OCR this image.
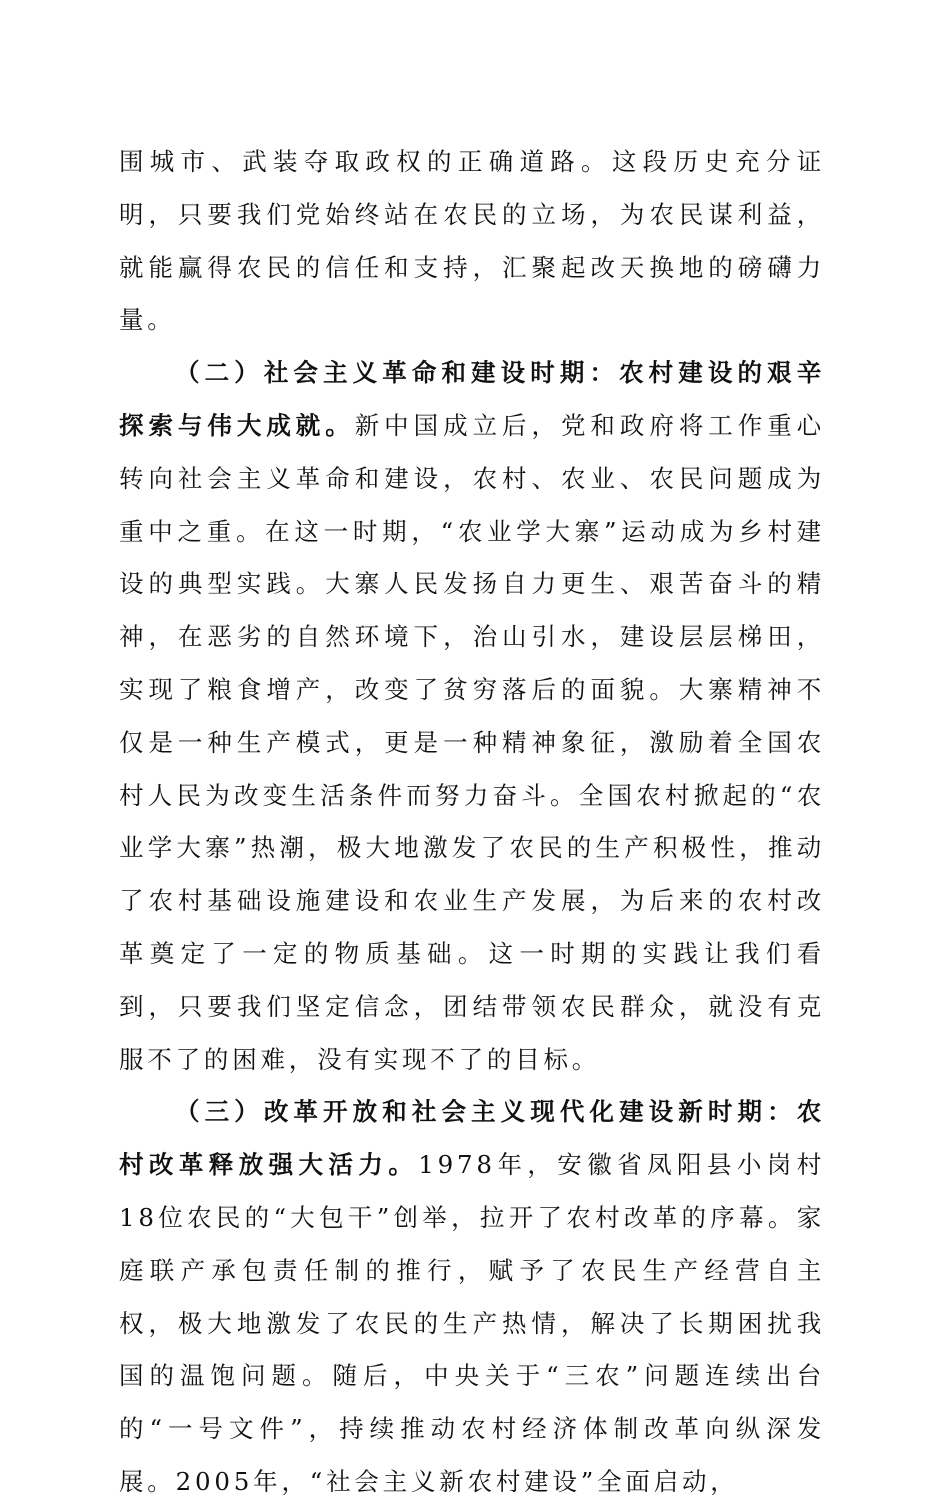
围城市、武装夺取政权的正确道路。这段历史充分证明，只要我们党始终站在农民的立场，为农民谋利益，就能赢得农民的信任和支持，汇聚起改天换地的磅礴力量。

（二）社会主义革命和建设时期：农村建设的艰辛探索与伟大成就。新中国成立后，党和政府将工作重心转向社会主义革命和建设，农村、农业、农民问题成为重中之重。在这一时期，“农业学大寨”运动成为乡村建设的典型实践。大寨人民发扬自力更生、艰苦奋斗的精神，在恶劣的自然环境下，治山引水，建设层层梯田，实现了粮食增产，改变了贫穷落后的面貌。大寨精神不仅是一种生产模式，更是一种精神象征，激励着全国农村人民为改变生活条件而努力奋斗。全国农村掀起的“农业学大寨”热潮，极大地激发了农民的生产积极性，推动了农村基础设施建设和农业生产发展，为后来的农村改革奠定了一定的物质基础。这一时期的实践让我们看到，只要我们坚定信念，团结带领农民群众，就没有克服不了的困难，没有实现不了的目标。

（三）改革开放和社会主义现代化建设新时期：农村改革释放强大活力。1978年，安徽省凤阳县小岗村18位农民的“大包干”创举，拉开了农村改革的序幕。家庭联产承包责任制的推行，赋予了农民生产经营自主权，极大地激发了农民的生产热情，解决了长期困扰我国的温饱问题。随后，中央关于“三农”问题连续出台的“一号文件”，持续推动农村经济体制改革向纵深发展。2005年，“社会主义新农村建设”全面启动，
